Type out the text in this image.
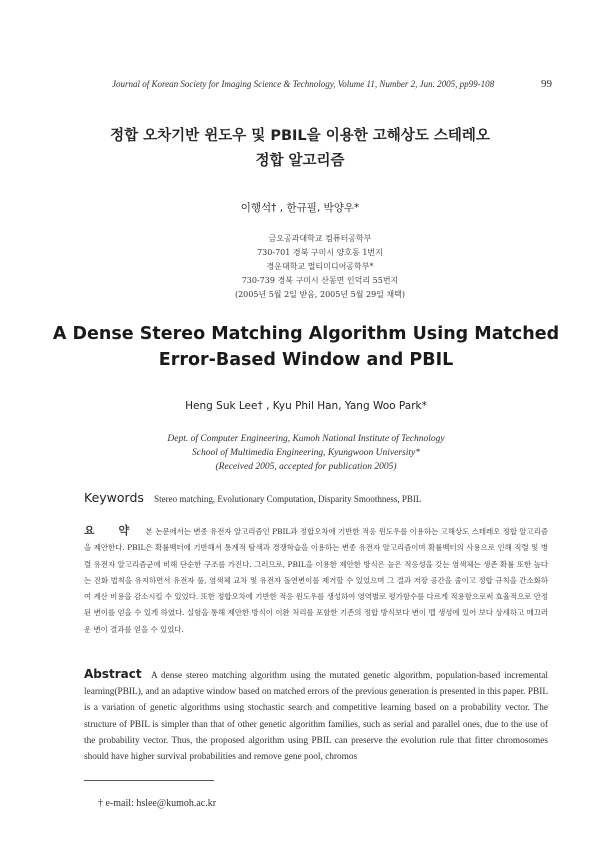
Journal of Korean Society for Imaging Science & Technology, Volume 11, Number 2, Jun. 2005, pp99-108	99
정합 오차기반 윈도우 및 PBIL을 이용한 고해상도 스테레오
정합 알고리즘
이행석† , 한규필, 박양우*
금오공과대학교 컴퓨터공학부
730-701 경북 구미시 양호동 1번지
경운대학교 멀티미디어공학부*
730-739 경북 구미시 산동면 인덕리 55번지
(2005년 5월 2일 받음, 2005년 5월 29일 채택)
A Dense Stereo Matching Algorithm Using Matched
Error-Based Window and PBIL
Heng Suk Lee† , Kyu Phil Han, Yang Woo Park*
Dept. of Computer Engineering, Kumoh National Institute of Technology
School of Multimedia Engineering, Kyungwoon University*
(Received 2005, accepted for publication 2005)
Keywords Stereo matching, Evolutionary Computation, Disparity Smoothness, PBIL
요 약 본 논문에서는 변종 유전자 알고리즘인 PBIL과 정합오차에 기반한 적응 윈도우를 이용하는 고해상도 스테레오 정합 알고리즘을 제안한다. PBIL은 확률벡터에 기반해서 통계적 탐색과 경쟁학습을 이용하는 변종 유전자 알고리즘이며 확률벡터의 사용으로 인해 직렬 및 병렬 유전자 알고리즘군에 비해 단순한 구조를 가진다. 그러므로, PBIL을 이용한 제안한 방식은 높은 적응성을 갖는 염색체는 생존 확률 또한 높다는 진화 법칙을 유지하면서 유전자 풀, 염색체 교차 및 유전자 돌연변이를 제거할 수 있었으며 그 결과 저장 공간을 줄이고 정합 규칙을 간소화하여 계산 비용을 감소시킬 수 있었다. 또한 정합오차에 기반한 적응 윈도우를 생성하여 영역별로 평가함수를 다르게 적용함으로써 효율적으로 안정된 변이를 얻을 수 있게 하였다. 실험을 통해 제안한 방식이 이완 처리를 포함한 기존의 정합 방식보다 변이 맵 생성에 있어 보다 상세하고 매끄러운 변이 결과를 얻을 수 있었다.
Abstract A dense stereo matching algorithm using the mutated genetic algorithm, population-based incremental learning(PBIL), and an adaptive window based on matched errors of the previous generation is presented in this paper. PBIL is a variation of genetic algorithms using stochastic search and competitive learning based on a probability vector. The structure of PBIL is simpler than that of other genetic algorithm families, such as serial and parallel ones, due to the use of the probability vector. Thus, the proposed algorithm using PBIL can preserve the evolution rule that fitter chromosomes should have higher survival probabilities and remove gene pool, chromos
† e-mail: hslee@kumoh.ac.kr
